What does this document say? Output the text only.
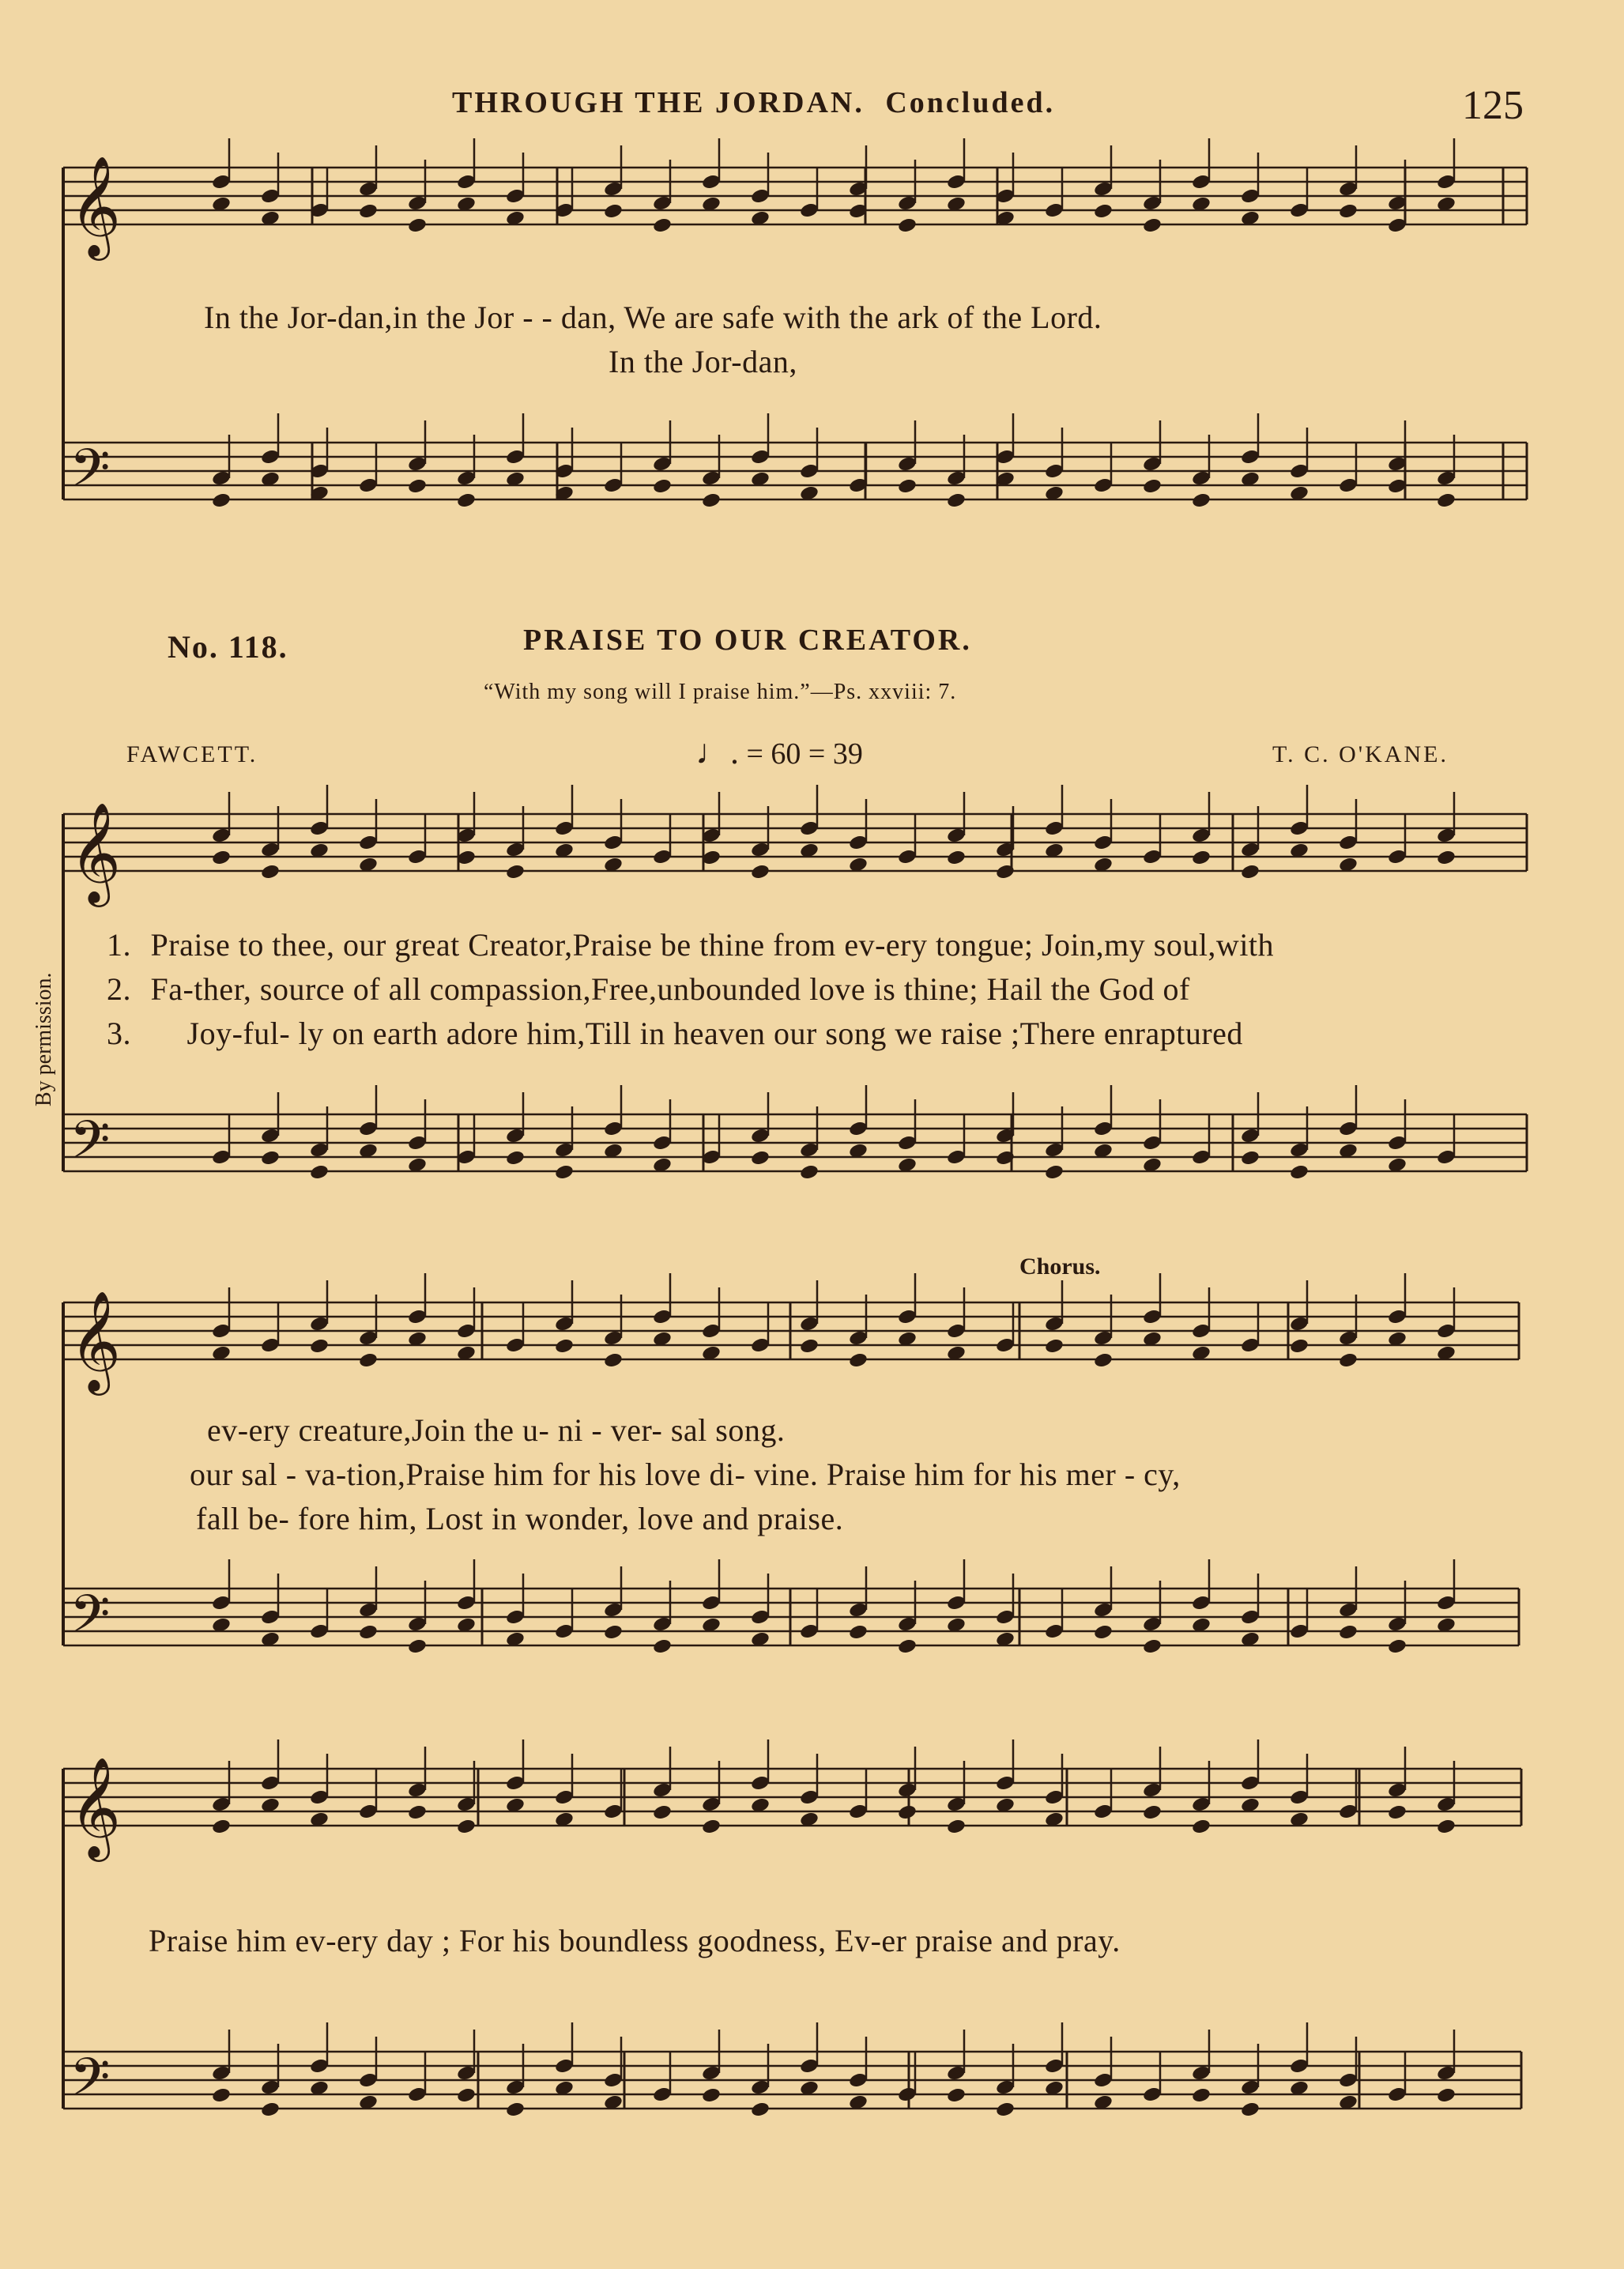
THROUGH THE JORDAN. Concluded.	125
𝄞
𝄢
𝄞
𝄢
𝄞
𝄢
𝄞
𝄢
In the Jor-dan,in the Jor - - dan, We are safe with the ark of the Lord.
In the Jor-dan,
No. 118.	PRAISE TO OUR CREATOR.
“With my song will I praise him.”—Ps. xxviii: 7.
FAWCETT.	♩. = 60 = 39	T. C. O'KANE.
By permission.
1. Praise to thee, our great Creator,Praise be thine from ev-ery tongue; Join,my soul,with
2. Fa-ther, source of all compassion,Free,unbounded love is thine; Hail the God of
3. Joy-ful- ly on earth adore him,Till in heaven our song we raise ;There enraptured
Chorus.
ev-ery creature,Join the u- ni - ver- sal song.
our sal - va-tion,Praise him for his love di- vine. Praise him for his mer - cy,
fall be- fore him, Lost in wonder, love and praise.
Praise him ev-ery day ; For his boundless goodness, Ev-er praise and pray.
